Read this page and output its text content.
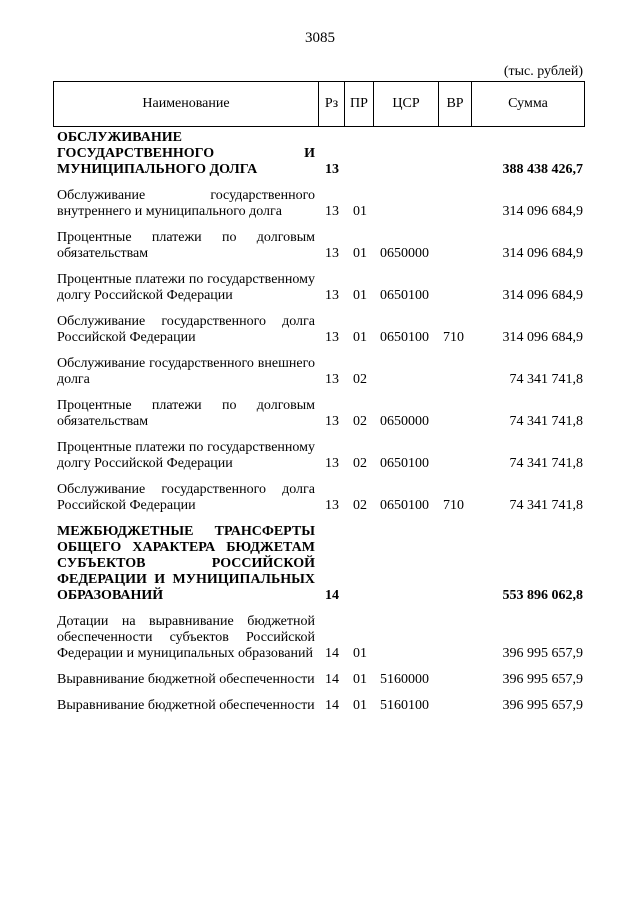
3085
(тыс. рублей)
Наименование	Рз	ПР	ЦСР	ВР	Сумма
ОБСЛУЖИВАНИЕ ГОСУДАРСТВЕННОГО И МУНИЦИПАЛЬНОГО ДОЛГА	13	388 438 426,7
Обслуживание государственного внутреннего и муниципального долга	13 01	314 096 684,9
Процентные платежи по долговым обязательствам	13 01 0650000	314 096 684,9
Процентные платежи по государственному долгу Российской Федерации	13 01 0650100	314 096 684,9
Обслуживание государственного долга Российской Федерации	13 01 0650100 710	314 096 684,9
Обслуживание государственного внешнего долга	13 02	74 341 741,8
Процентные платежи по долговым обязательствам	13 02 0650000	74 341 741,8
Процентные платежи по государственному долгу Российской Федерации	13 02 0650100	74 341 741,8
Обслуживание государственного долга Российской Федерации	13 02 0650100 710	74 341 741,8
МЕЖБЮДЖЕТНЫЕ ТРАНСФЕРТЫ ОБЩЕГО ХАРАКТЕРА БЮДЖЕТАМ СУБЪЕКТОВ РОССИЙСКОЙ ФЕДЕРАЦИИ И МУНИЦИПАЛЬНЫХ ОБРАЗОВАНИЙ	14	553 896 062,8
Дотации на выравнивание бюджетной обеспеченности субъектов Российской Федерации и муниципальных образований 14 01	396 995 657,9
Выравнивание бюджетной обеспеченности 14 01 5160000	396 995 657,9
Выравнивание бюджетной обеспеченности 14 01 5160100	396 995 657,9
